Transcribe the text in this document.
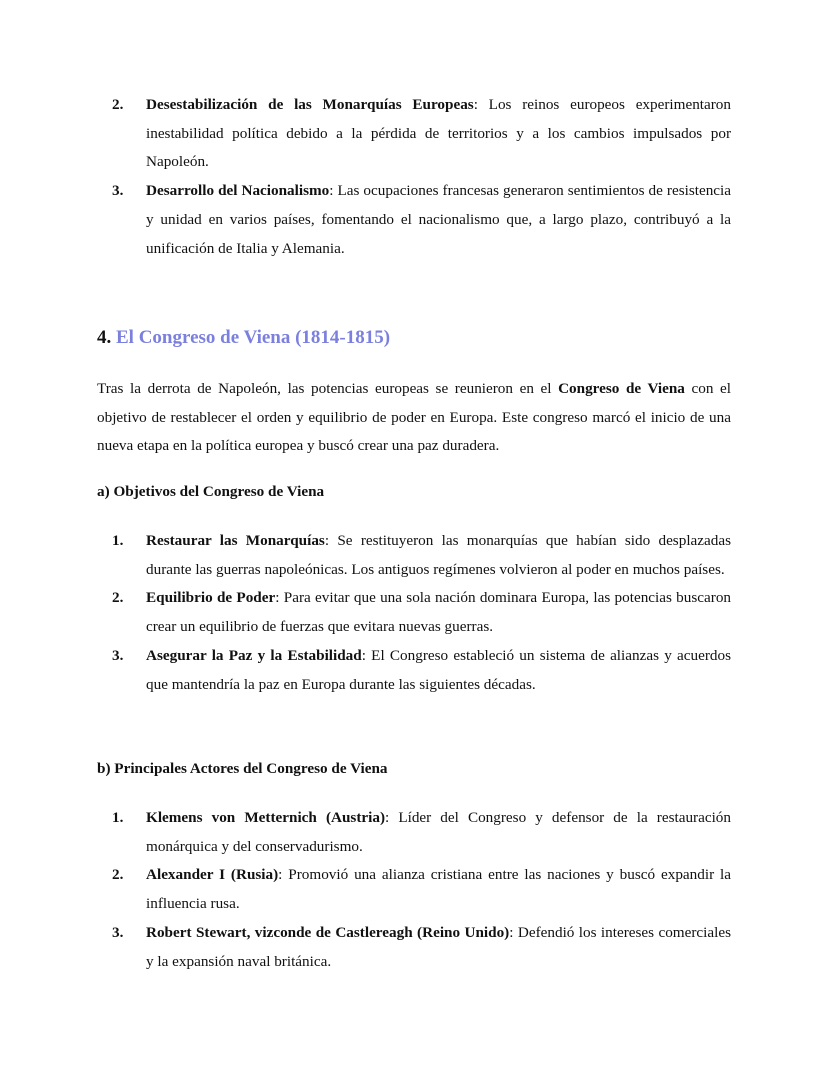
2. Desestabilización de las Monarquías Europeas: Los reinos europeos experimentaron inestabilidad política debido a la pérdida de territorios y a los cambios impulsados por Napoleón.
3. Desarrollo del Nacionalismo: Las ocupaciones francesas generaron sentimientos de resistencia y unidad en varios países, fomentando el nacionalismo que, a largo plazo, contribuyó a la unificación de Italia y Alemania.
4. El Congreso de Viena (1814-1815)
Tras la derrota de Napoleón, las potencias europeas se reunieron en el Congreso de Viena con el objetivo de restablecer el orden y equilibrio de poder en Europa. Este congreso marcó el inicio de una nueva etapa en la política europea y buscó crear una paz duradera.
a) Objetivos del Congreso de Viena
1. Restaurar las Monarquías: Se restituyeron las monarquías que habían sido desplazadas durante las guerras napoleónicas. Los antiguos regímenes volvieron al poder en muchos países.
2. Equilibrio de Poder: Para evitar que una sola nación dominara Europa, las potencias buscaron crear un equilibrio de fuerzas que evitara nuevas guerras.
3. Asegurar la Paz y la Estabilidad: El Congreso estableció un sistema de alianzas y acuerdos que mantendría la paz en Europa durante las siguientes décadas.
b) Principales Actores del Congreso de Viena
1. Klemens von Metternich (Austria): Líder del Congreso y defensor de la restauración monárquica y del conservadurismo.
2. Alexander I (Rusia): Promovió una alianza cristiana entre las naciones y buscó expandir la influencia rusa.
3. Robert Stewart, vizconde de Castlereagh (Reino Unido): Defendió los intereses comerciales y la expansión naval británica.
